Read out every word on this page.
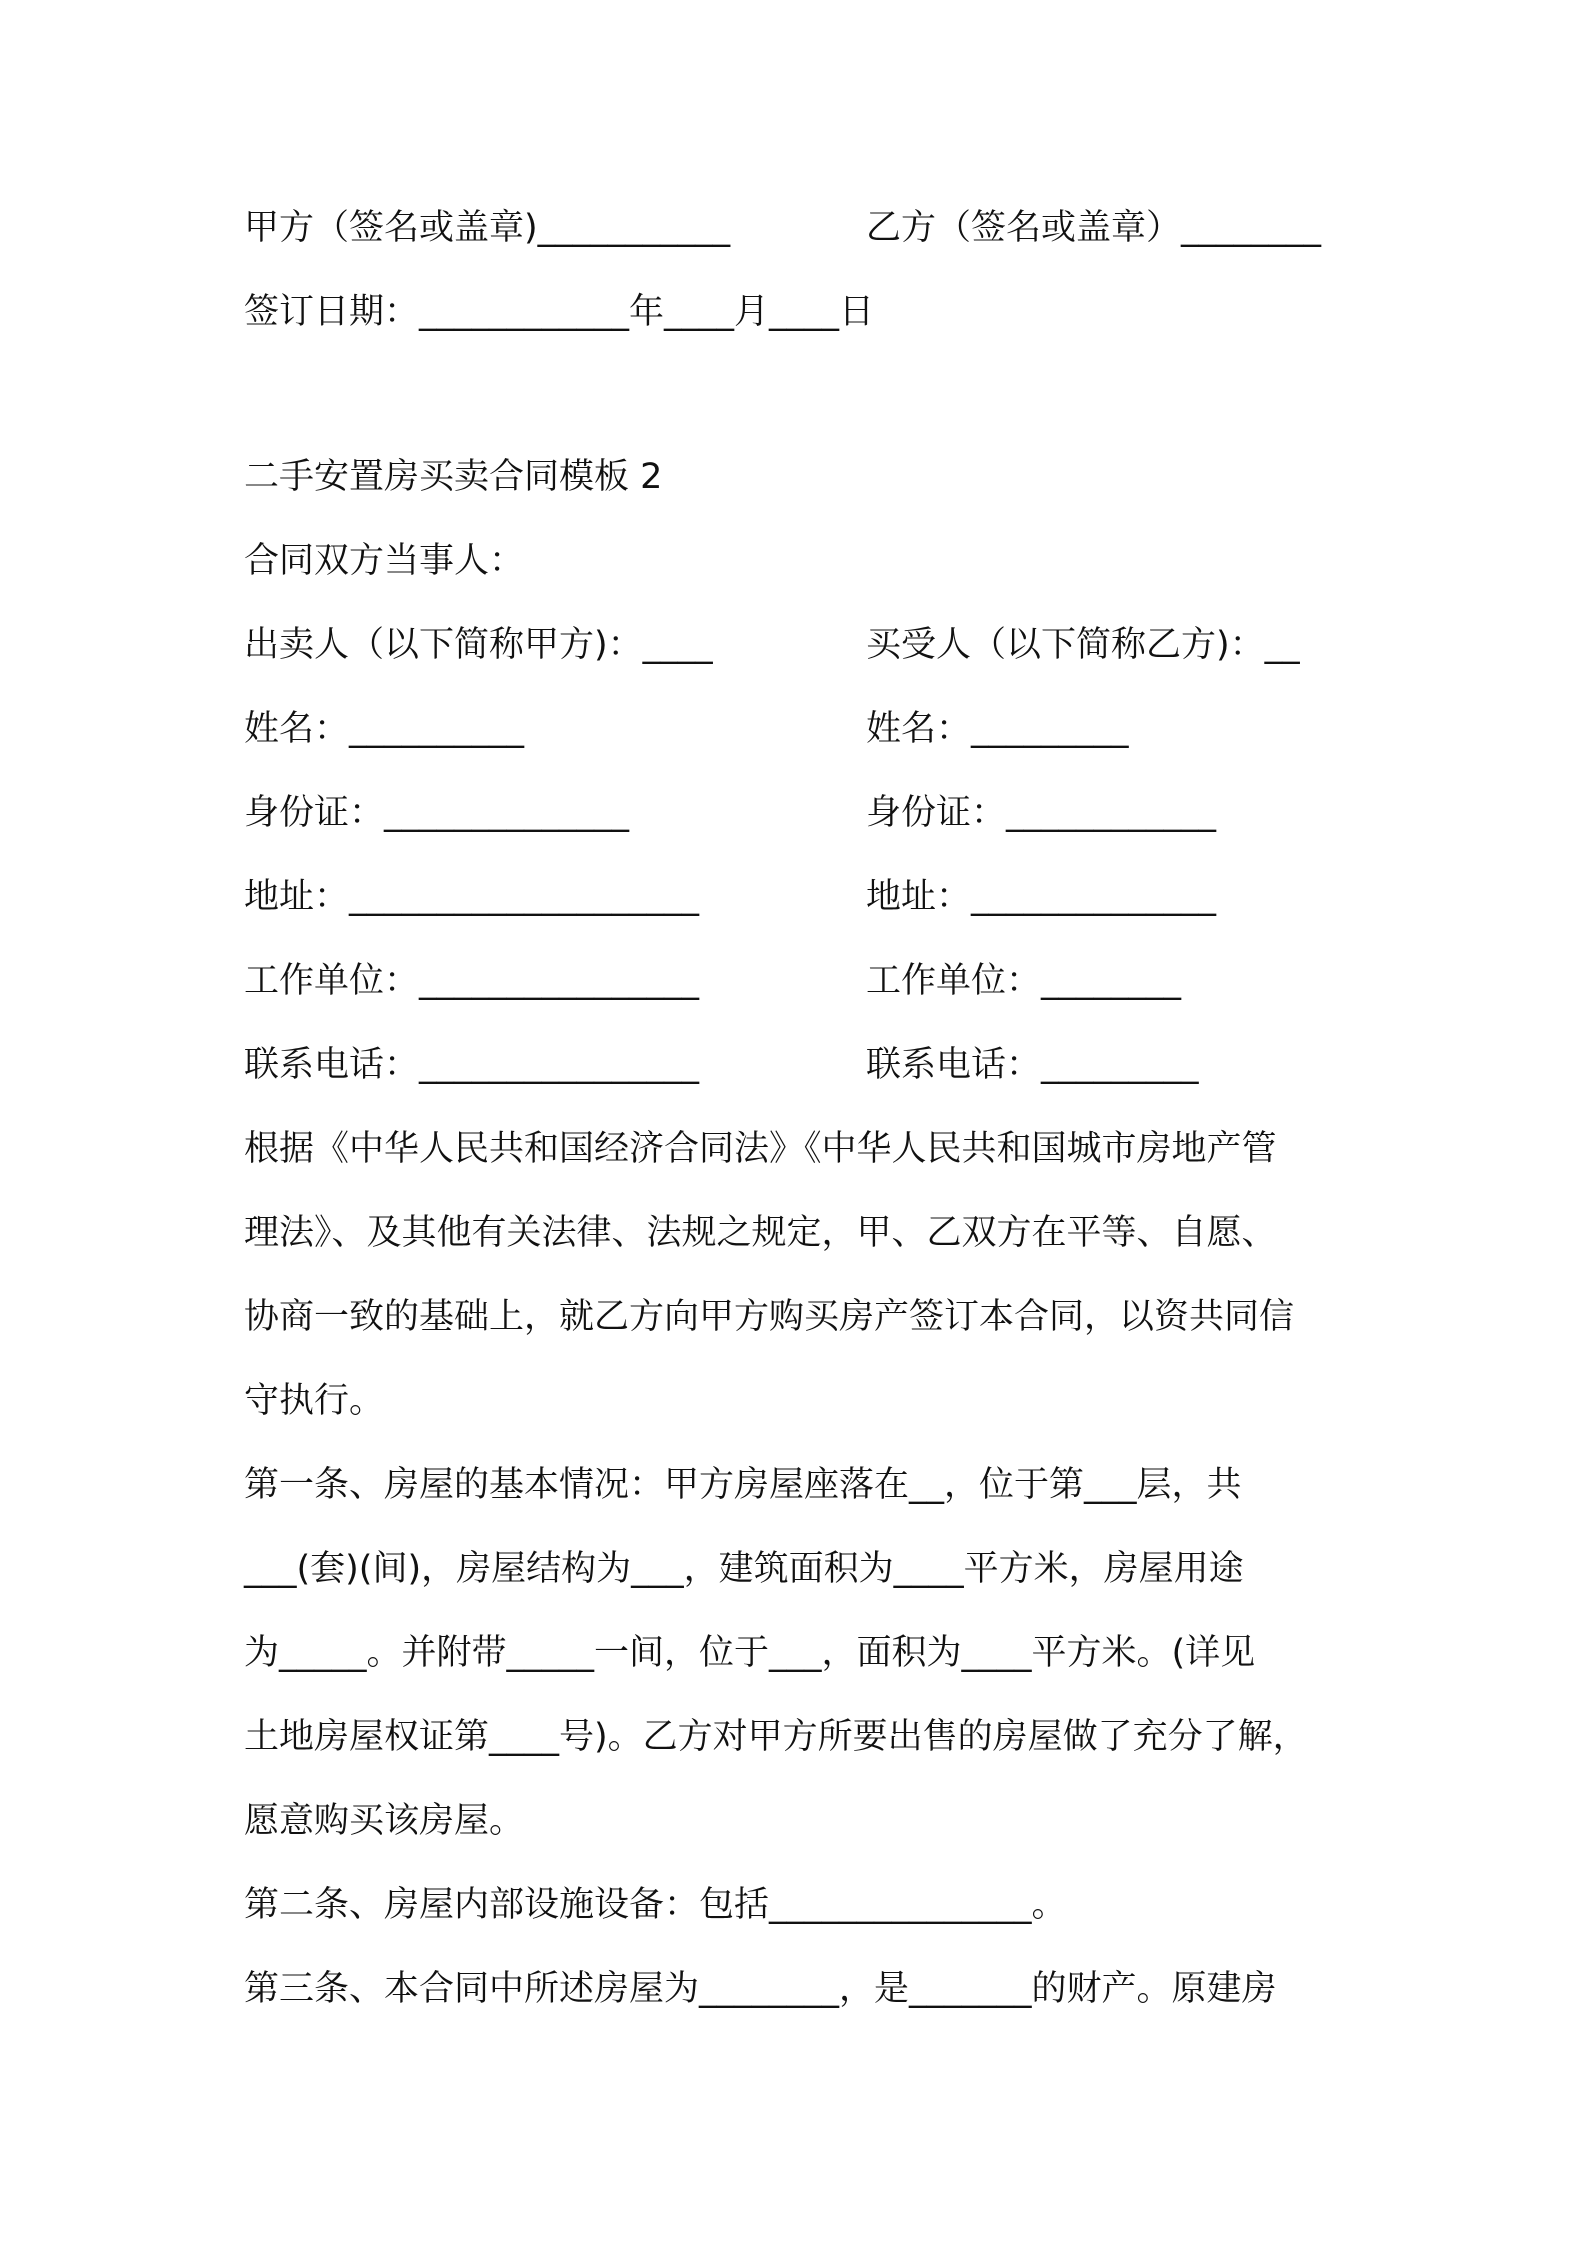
甲方（签名或盖章)___________	乙方（签名或盖章）________
签订日期：____________年____月____日
二手安置房买卖合同模板 2
合同双方当事人：
出卖人（以下简称甲方)：____	买受人（以下简称乙方)：__
姓名：__________	姓名：_________
身份证：______________	身份证：____________
地址：____________________	地址：______________
工作单位：________________	工作单位：________
联系电话：________________	联系电话：_________
根据《中华人民共和国经济合同法》《中华人民共和国城市房地产管
理法》、及其他有关法律、法规之规定，甲、乙双方在平等、自愿、
协商一致的基础上，就乙方向甲方购买房产签订本合同，以资共同信
守执行。
第一条、房屋的基本情况：甲方房屋座落在__，位于第___层，共
___(套)(间)，房屋结构为___，建筑面积为____平方米，房屋用途
为_____。并附带_____一间，位于___，面积为____平方米。(详见
土地房屋权证第____号)。乙方对甲方所要出售的房屋做了充分了解，
愿意购买该房屋。
第二条、房屋内部设施设备：包括_______________。
第三条、本合同中所述房屋为________，是_______的财产。原建房
